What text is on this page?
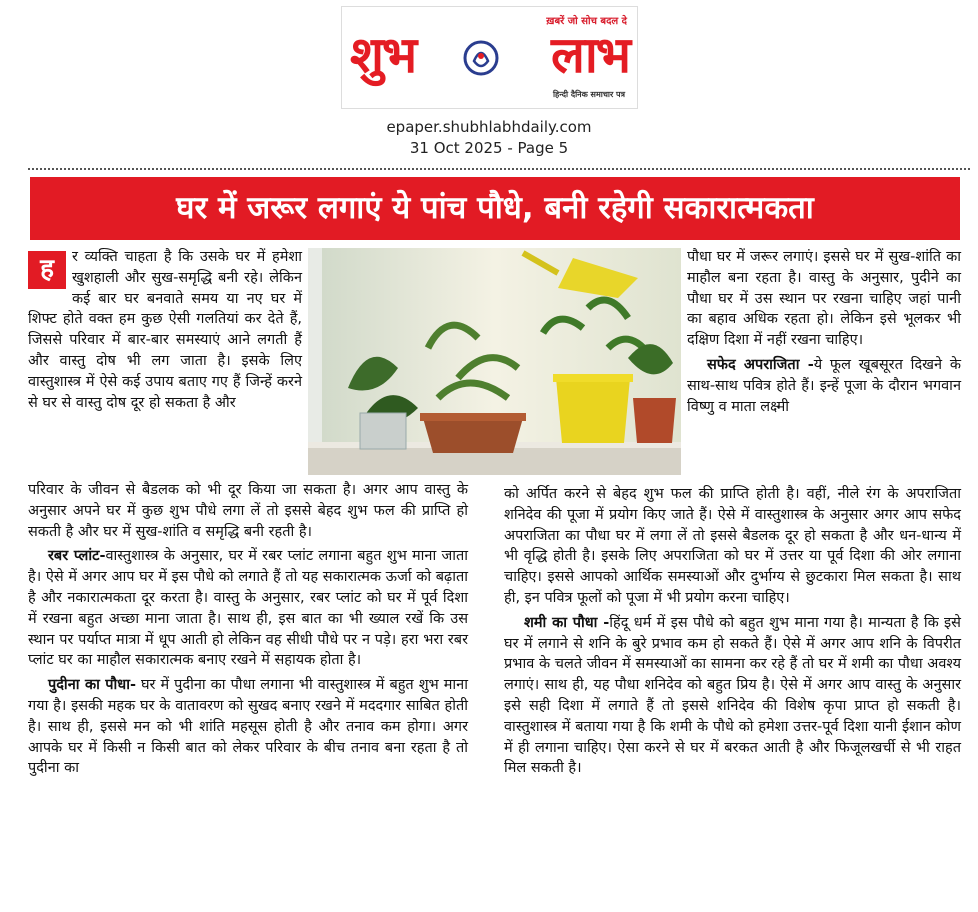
ख़बरें जो सोच बदल दे
शुभ	लाभ
हिन्दी दैनिक समाचार पत्र
epaper.shubhlabhdaily.com
31 Oct 2025 - Page 5
घर में जरूर लगाएं ये पांच पौधे, बनी रहेगी सकारात्मकता

ह	र व्यक्ति चाहता है कि उसके घर में हमेशा खुशहाली और सुख-समृद्धि बनी रहे। लेकिन कई बार घर बनवाते समय या नए घर में शिफ्ट होते वक्त हम कुछ ऐसी गलतियां कर देते हैं, जिससे परिवार में बार-बार समस्याएं आने लगती हैं और वास्तु दोष भी लग जाता है। इसके लिए वास्तुशास्त्र में ऐसे कई उपाय बताए गए हैं जिन्हें करने से घर से वास्तु दोष दूर हो सकता है और

परिवार के जीवन से बैडलक को भी दूर किया जा सकता है। अगर आप वास्तु के अनुसार अपने घर में कुछ शुभ पौधे लगा लें तो इससे बेहद शुभ फल की प्राप्ति हो सकती है और घर में सुख-शांति व समृद्धि बनी रहती है।

रबर प्लांट-वास्तुशास्त्र के अनुसार, घर में रबर प्लांट लगाना बहुत शुभ माना जाता है। ऐसे में अगर आप घर में इस पौधे को लगाते हैं तो यह सकारात्मक ऊर्जा को बढ़ाता है और नकारात्मकता दूर करता है। वास्तु के अनुसार, रबर प्लांट को घर में पूर्व दिशा में रखना बहुत अच्छा माना जाता है। साथ ही, इस बात का भी ख्याल रखें कि उस स्थान पर पर्याप्त मात्रा में धूप आती हो लेकिन वह सीधी पौधे पर न पड़े। हरा भरा रबर प्लांट घर का माहौल सकारात्मक बनाए रखने में सहायक होता है।

पुदीना का पौधा- घर में पुदीना का पौधा लगाना भी वास्तुशास्त्र में बहुत शुभ माना गया है। इसकी महक घर के वातावरण को सुखद बनाए रखने में मददगार साबित होती है। साथ ही, इससे मन को भी शांति महसूस होती है और तनाव कम होगा। अगर आपके घर में किसी न किसी बात को लेकर परिवार के बीच तनाव बना रहता है तो पुदीना का

पौधा घर में जरूर लगाएं। इससे घर में सुख-शांति का माहौल बना रहता है। वास्तु के अनुसार, पुदीने का पौधा घर में उस स्थान पर रखना चाहिए जहां पानी का बहाव अधिक रहता हो। लेकिन इसे भूलकर भी दक्षिण दिशा में नहीं रखना चाहिए।

सफेद अपराजिता -ये फूल खूबसूरत दिखने के साथ-साथ पवित्र होते हैं। इन्हें पूजा के दौरान भगवान विष्णु व माता लक्ष्मी

को अर्पित करने से बेहद शुभ फल की प्राप्ति होती है। वहीं, नीले रंग के अपराजिता शनिदेव की पूजा में प्रयोग किए जाते हैं। ऐसे में वास्तुशास्त्र के अनुसार अगर आप सफेद अपराजिता का पौधा घर में लगा लें तो इससे बैडलक दूर हो सकता है और धन-धान्य में भी वृद्धि होती है। इसके लिए अपराजिता को घर में उत्तर या पूर्व दिशा की ओर लगाना चाहिए। इससे आपको आर्थिक समस्याओं और दुर्भाग्य से छुटकारा मिल सकता है। साथ ही, इन पवित्र फूलों को पूजा में भी प्रयोग करना चाहिए।

शमी का पौधा -हिंदू धर्म में इस पौधे को बहुत शुभ माना गया है। मान्यता है कि इसे घर में लगाने से शनि के बुरे प्रभाव कम हो सकते हैं। ऐसे में अगर आप शनि के विपरीत प्रभाव के चलते जीवन में समस्याओं का सामना कर रहे हैं तो घर में शमी का पौधा अवश्य लगाएं। साथ ही, यह पौधा शनिदेव को बहुत प्रिय है। ऐसे में अगर आप वास्तु के अनुसार इसे सही दिशा में लगाते हैं तो इससे शनिदेव की विशेष कृपा प्राप्त हो सकती है। वास्तुशास्त्र में बताया गया है कि शमी के पौधे को हमेशा उत्तर-पूर्व दिशा यानी ईशान कोण में ही लगाना चाहिए। ऐसा करने से घर में बरकत आती है और फिजूलखर्ची से भी राहत मिल सकती है।
